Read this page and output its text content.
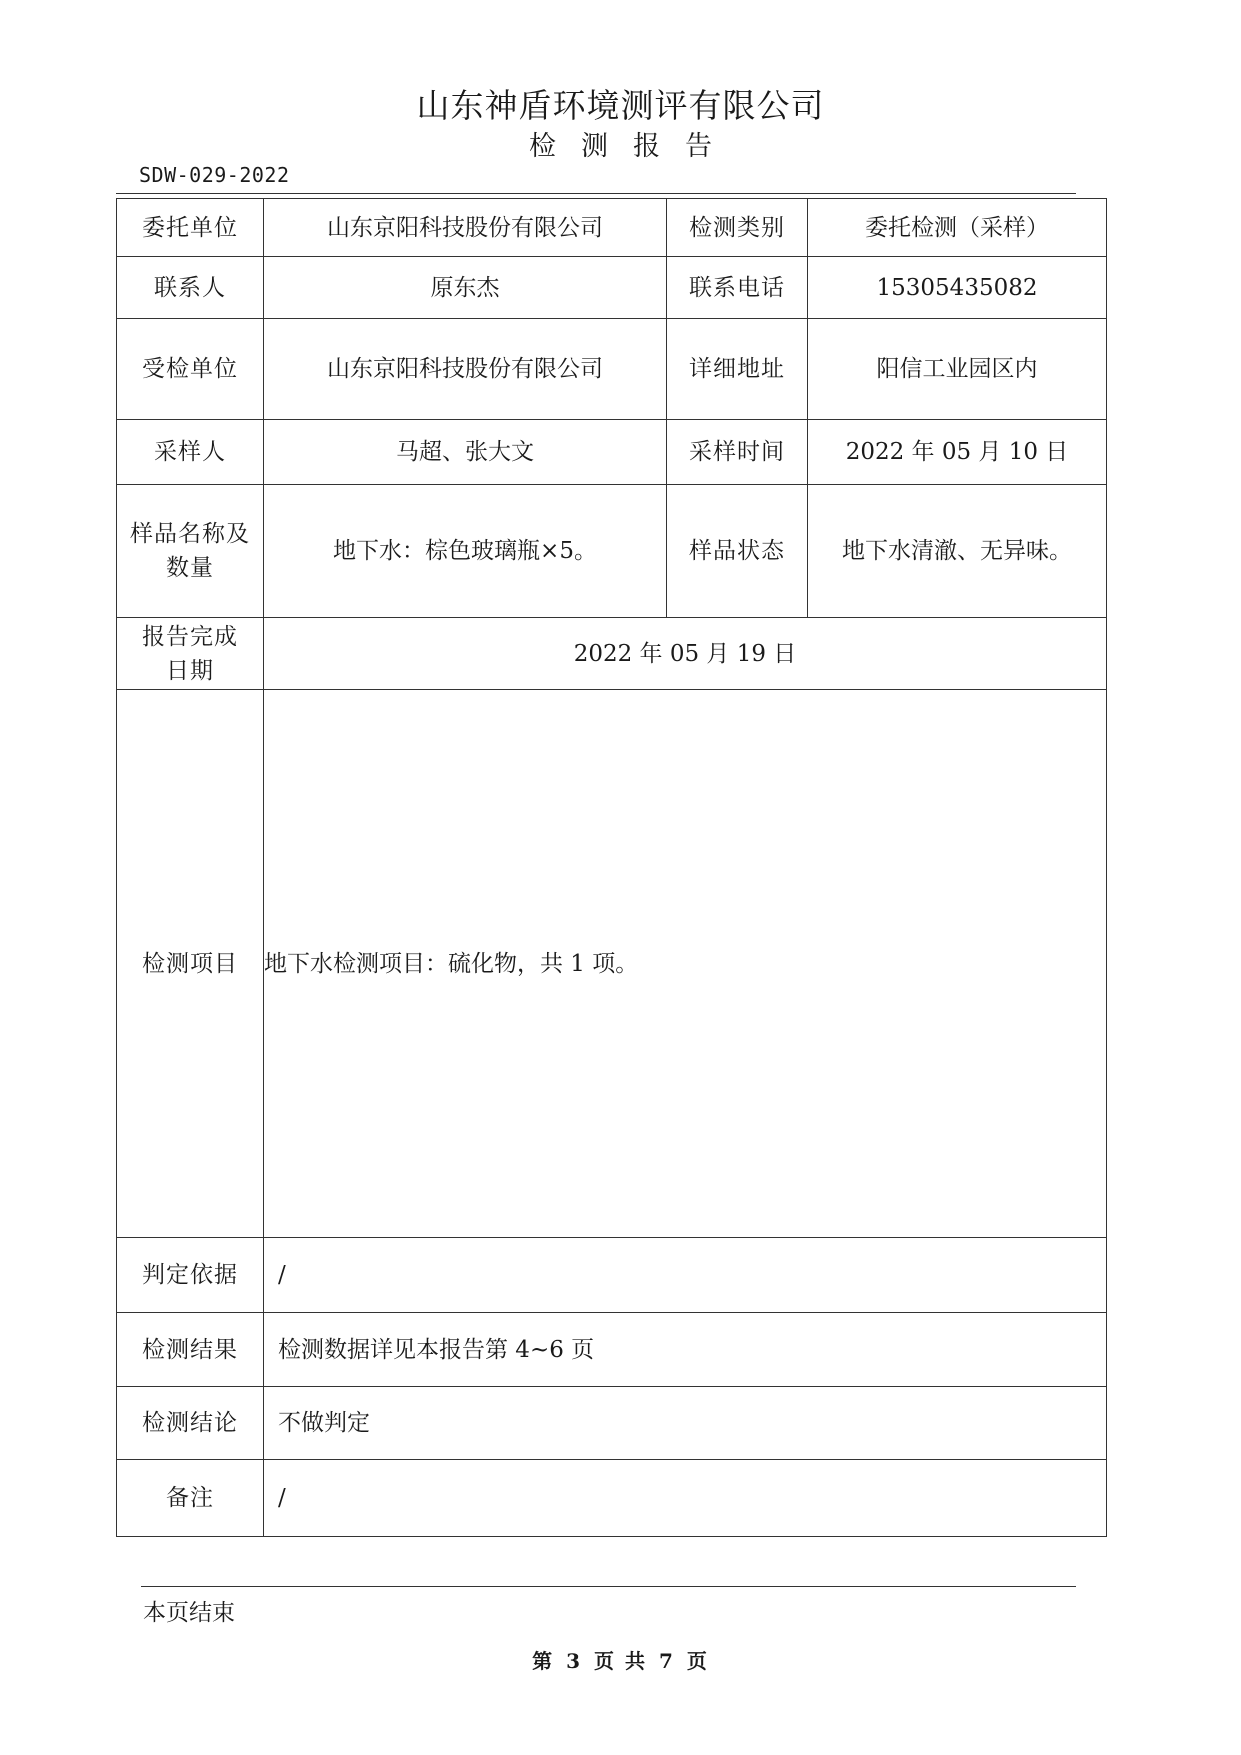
山东神盾环境测评有限公司
检测报告
SDW-029-2022
委托单位	山东京阳科技股份有限公司	检测类别	委托检测（采样）
联系人	原东杰	联系电话	15305435082
受检单位	山东京阳科技股份有限公司	详细地址	阳信工业园区内
采样人	马超、张大文	采样时间	2022 年 05 月 10 日

样品名称及
数量	地下水：棕色玻璃瓶×5。	样品状态	地下水清澈、无异味。

报告完成
日期	2022 年 05 月 19 日		
检测项目	地下水检测项目：硫化物，共 1 项。		
判定依据	/		
检测结果	检测数据详见本报告第 4~6 页		
检测结论	不做判定		
备注	/		
本页结束
第 3 页 共 7 页
